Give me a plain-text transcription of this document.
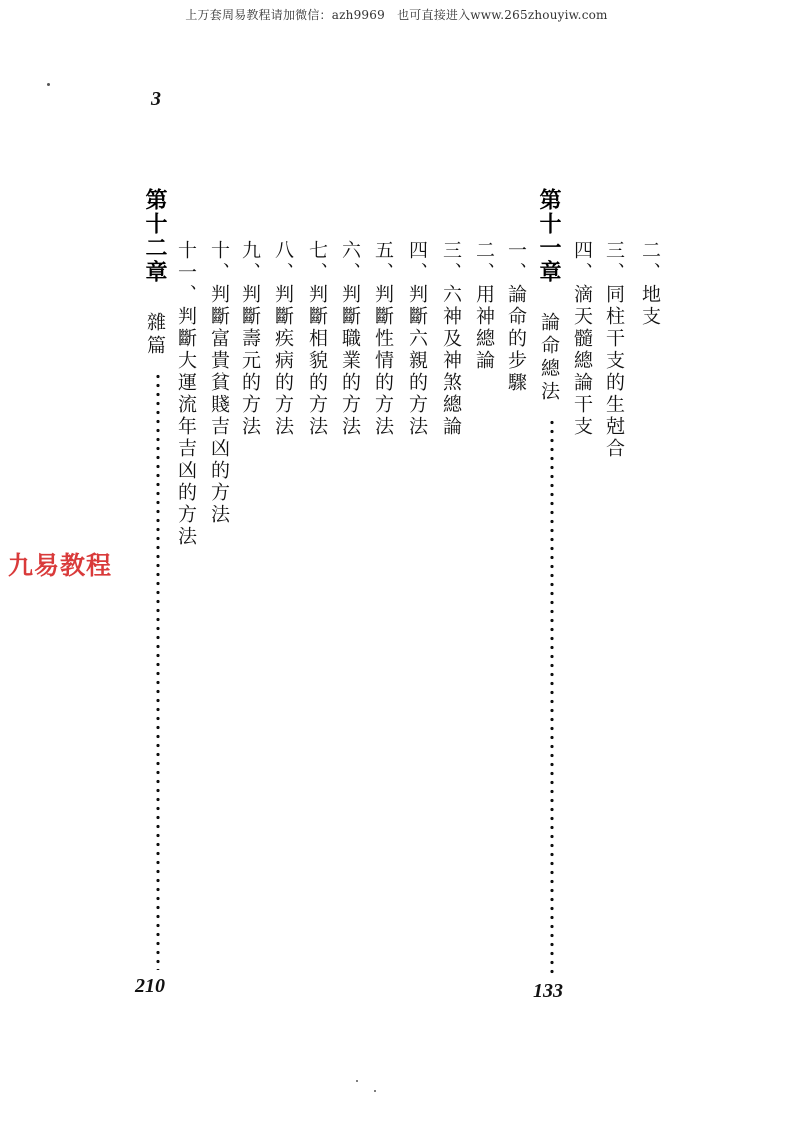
上万套周易教程请加微信：azh9969　也可直接进入www.265zhouyiw.com
3
二、地支
三、同柱干支的生尅合
四、滴天髓總論干支
第十一章
論命總法
133
一、論命的步驟
二、用神總論
三、六神及神煞總論
四、判斷六親的方法
五、判斷性情的方法
六、判斷職業的方法
七、判斷相貌的方法
八、判斷疾病的方法
九、判斷壽元的方法
十、判斷富貴貧賤吉凶的方法
十一、判斷大運流年吉凶的方法
第十二章
雜篇
210
九易教程
